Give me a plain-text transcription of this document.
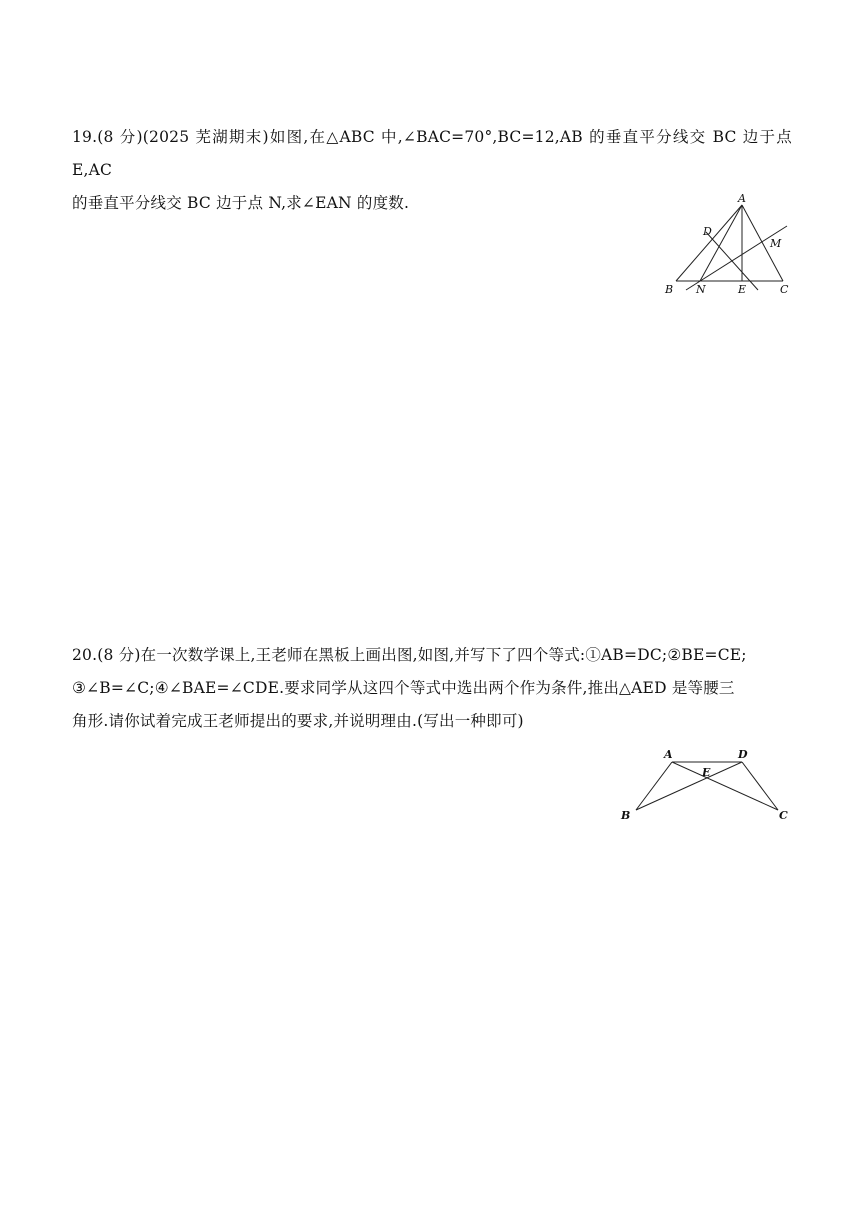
19.(8 分)(2025 芜湖期末)如图,在△ABC 中,∠BAC=70°,BC=12,AB 的垂直平分线交 BC 边于点 E,AC

的垂直平分线交 BC 边于点 N,求∠EAN 的度数.	A
D
M
B N	E	C

20.(8 分)在一次数学课上,王老师在黑板上画出图,如图,并写下了四个等式:①AB=DC;②BE=CE;

③∠B=∠C;④∠BAE=∠CDE.要求同学从这四个等式中选出两个作为条件,推出△AED 是等腰三

角形.请你试着完成王老师提出的要求,并说明理由.(写出一种即可)

A	D
E
B	C
